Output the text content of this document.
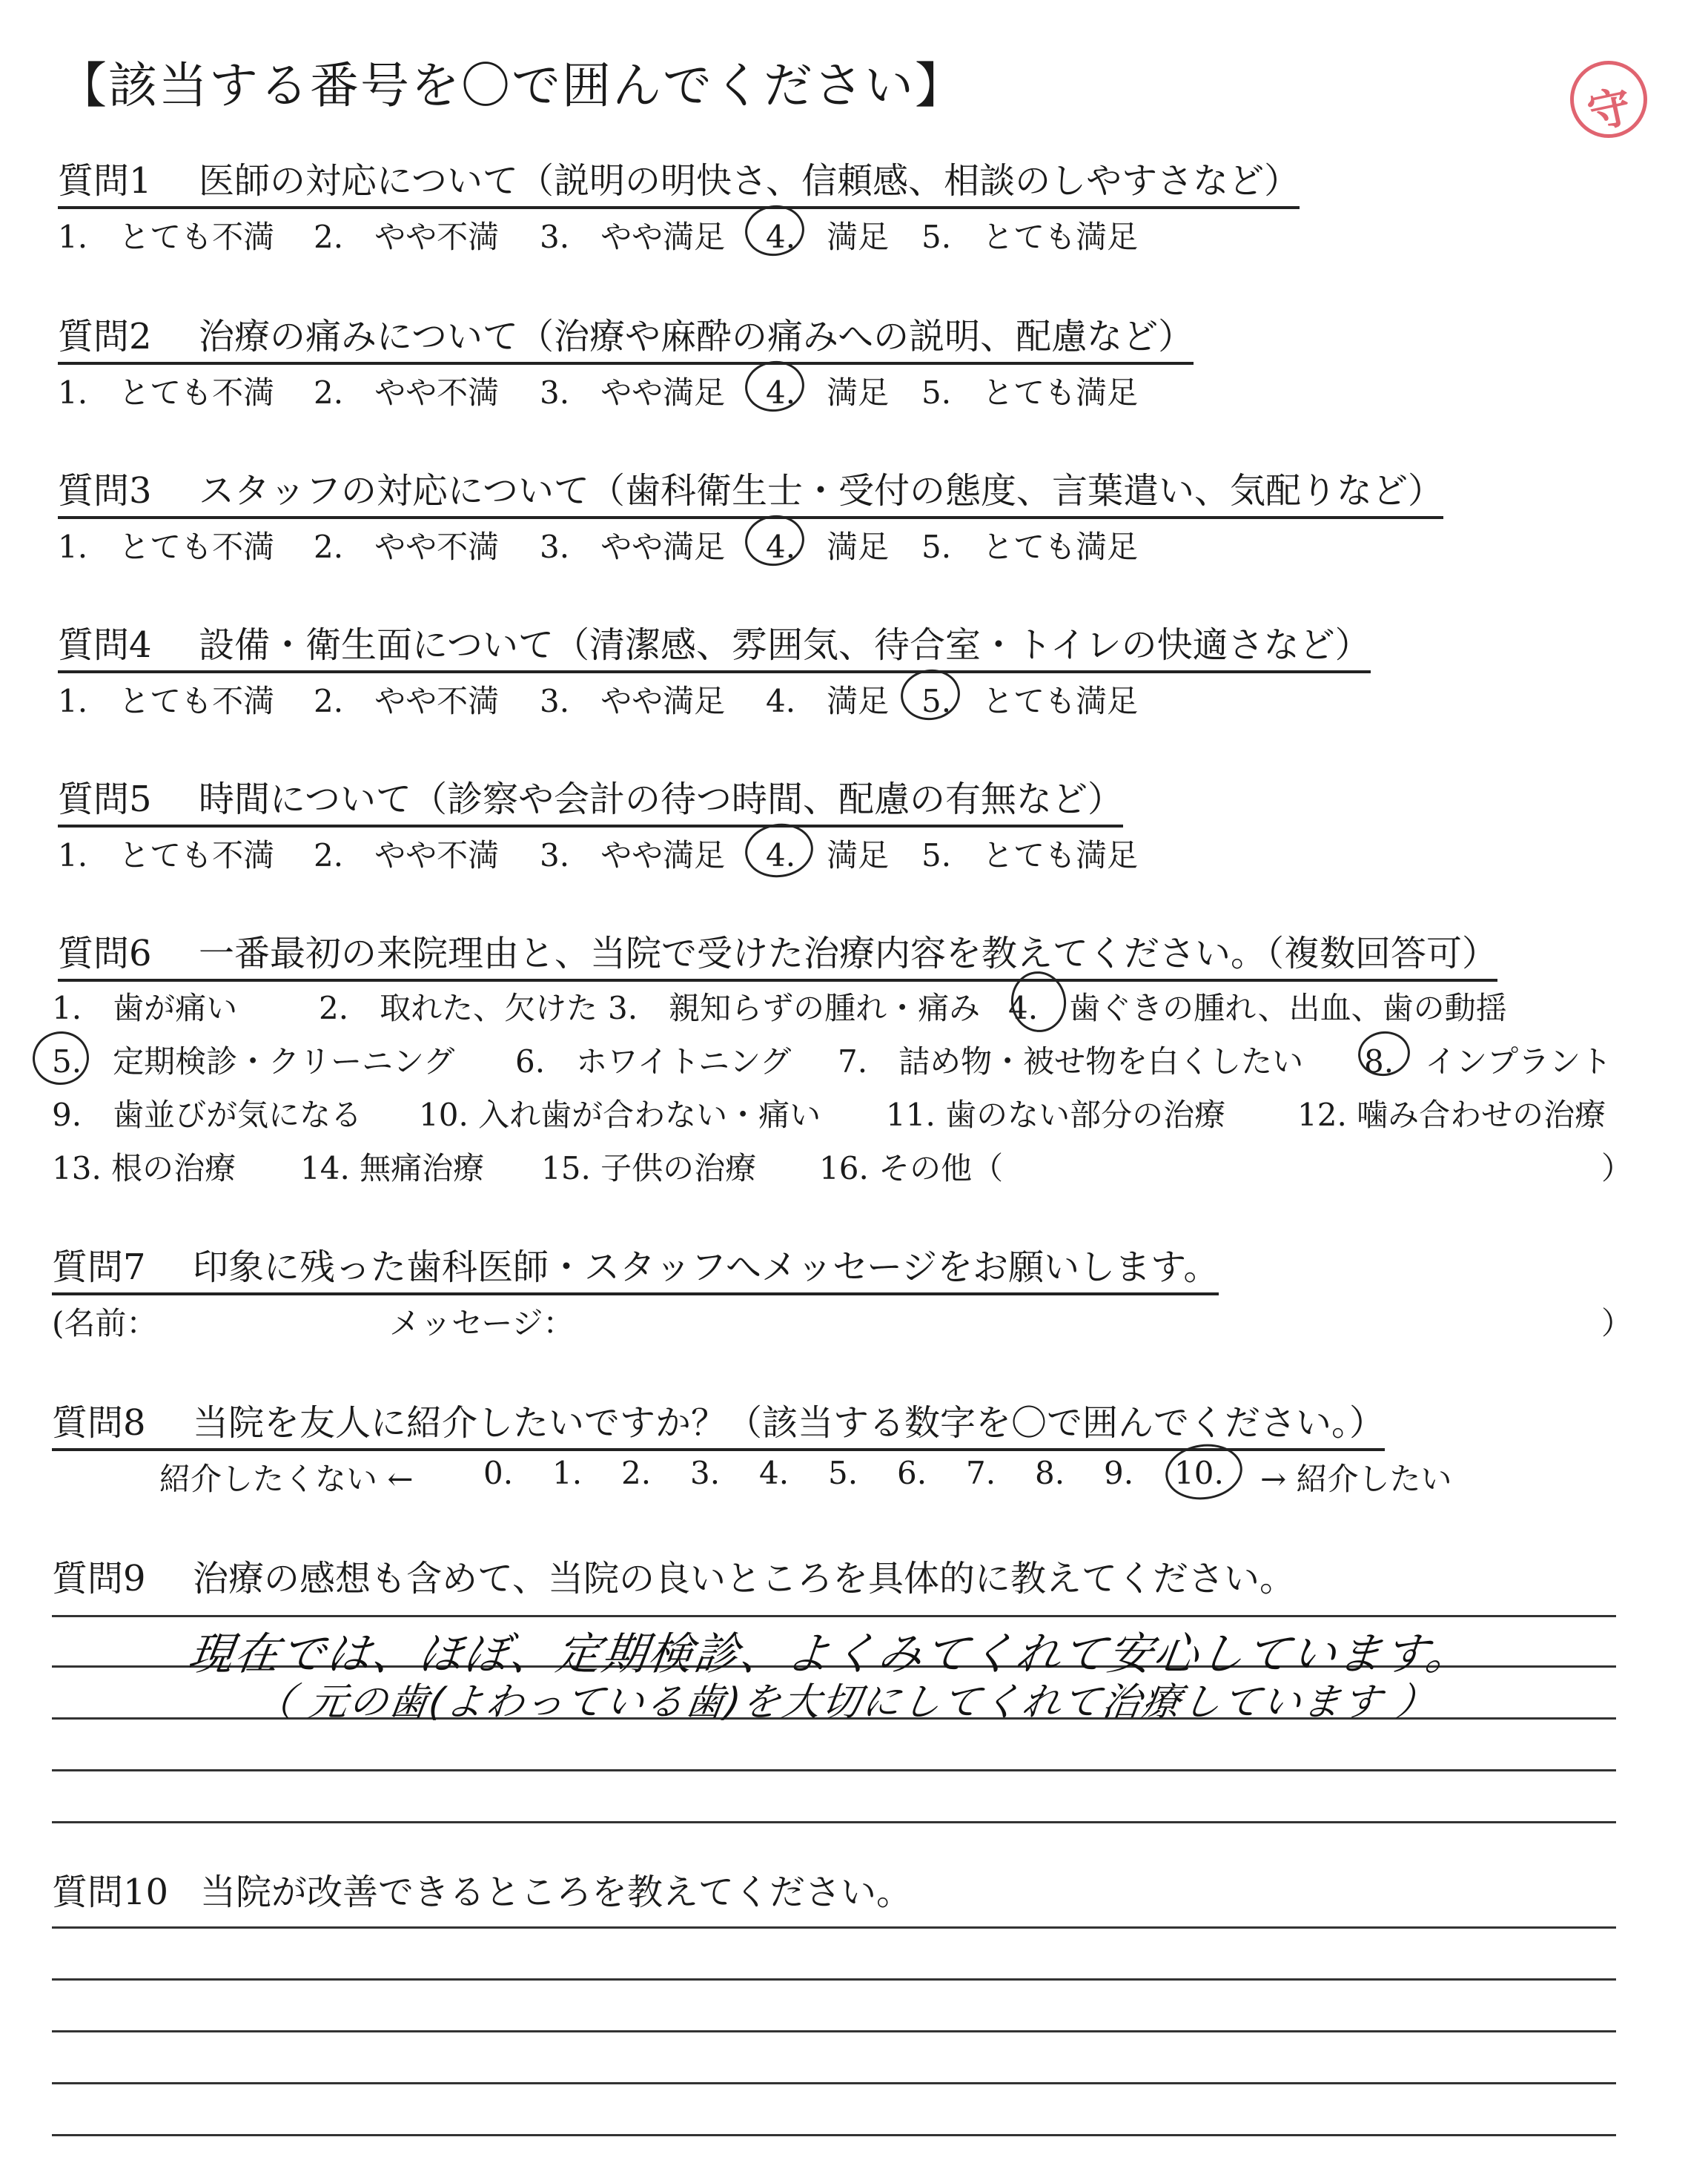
【該当する番号を〇で囲んでください】	守
質問1 医師の対応について（説明の明快さ、信頼感、相談のしやすさなど）
1.　とても不満 2.　やや不満 3.　やや満足 4.　満足 5.　とても満足
質問2 治療の痛みについて（治療や麻酔の痛みへの説明、配慮など）
1.　とても不満 2.　やや不満 3.　やや満足 4.　満足 5.　とても満足
質問3 スタッフの対応について（歯科衛生士・受付の態度、言葉遣い、気配りなど）
1.　とても不満 2.　やや不満 3.　やや満足 4.　満足 5.　とても満足
質問4 設備・衛生面について（清潔感、雰囲気、待合室・トイレの快適さなど）
1.　とても不満 2.　やや不満 3.　やや満足 4.　満足 5.　とても満足
質問5 時間について（診察や会計の待つ時間、配慮の有無など）
1.　とても不満 2.　やや不満 3.　やや満足 4.　満足 5.　とても満足
質問6 一番最初の来院理由と、当院で受けた治療内容を教えてください。（複数回答可）
1.　歯が痛い	2.　取れた、欠けた 3.　親知らずの腫れ・痛み 4.　歯ぐきの腫れ、出血、歯の動揺
5.　定期検診・クリーニング 6.　ホワイトニング 7.　詰め物・被せ物を白くしたい 8.　インプラント
9.　歯並びが気になる 10. 入れ歯が合わない・痛い 11. 歯のない部分の治療 12. 噛み合わせの治療
13. 根の治療 14. 無痛治療 15. 子供の治療 16. その他（	）
質問7 印象に残った歯科医師・スタッフへメッセージをお願いします。
(名前：	メッセージ：	）
質問8 当院を友人に紹介したいですか？（該当する数字を〇で囲んでください。）
紹介したくない ← 0. 1. 2. 3. 4. 5. 6. 7. 8. 9. 10. → 紹介したい
質問9 治療の感想も含めて、当院の良いところを具体的に教えてください。
現在では、ほぼ、定期検診、よくみてくれて安心しています。
（ 元の歯(よわっている歯)を大切にしてくれて治療しています ）
質問10 当院が改善できるところを教えてください。
